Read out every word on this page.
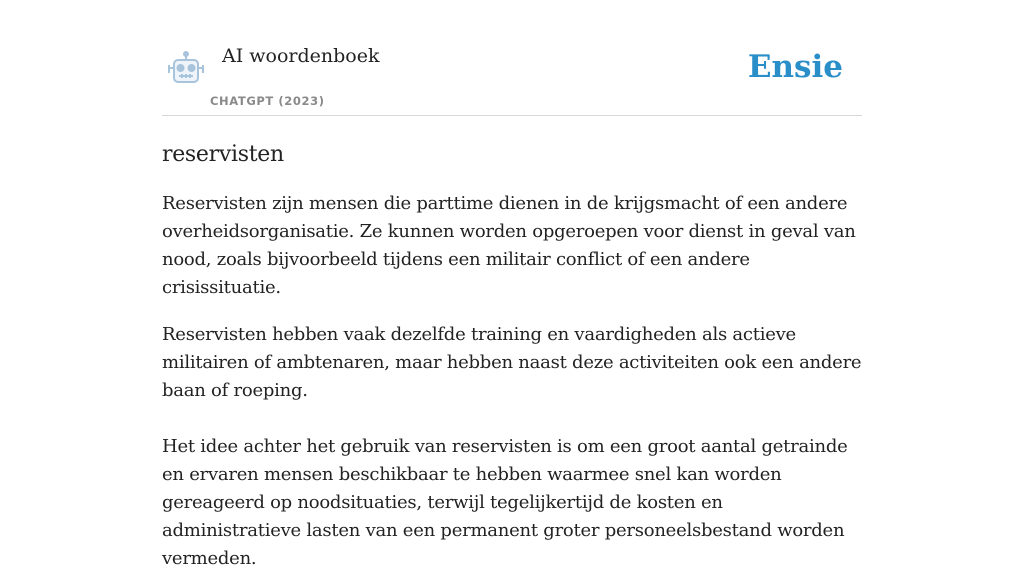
AI woordenboek
CHATGPT (2023)
Ensie
reservisten

Reservisten zijn mensen die parttime dienen in de krijgsmacht of een andere overheidsorganisatie. Ze kunnen worden opgeroepen voor dienst in geval van nood, zoals bijvoorbeeld tijdens een militair conflict of een andere crisissituatie.

Reservisten hebben vaak dezelfde training en vaardigheden als actieve militairen of ambtenaren, maar hebben naast deze activiteiten ook een andere baan of roeping.

Het idee achter het gebruik van reservisten is om een groot aantal getrainde en ervaren mensen beschikbaar te hebben waarmee snel kan worden gereageerd op noodsituaties, terwijl tegelijkertijd de kosten en administratieve lasten van een permanent groter personeelsbestand worden vermeden.
